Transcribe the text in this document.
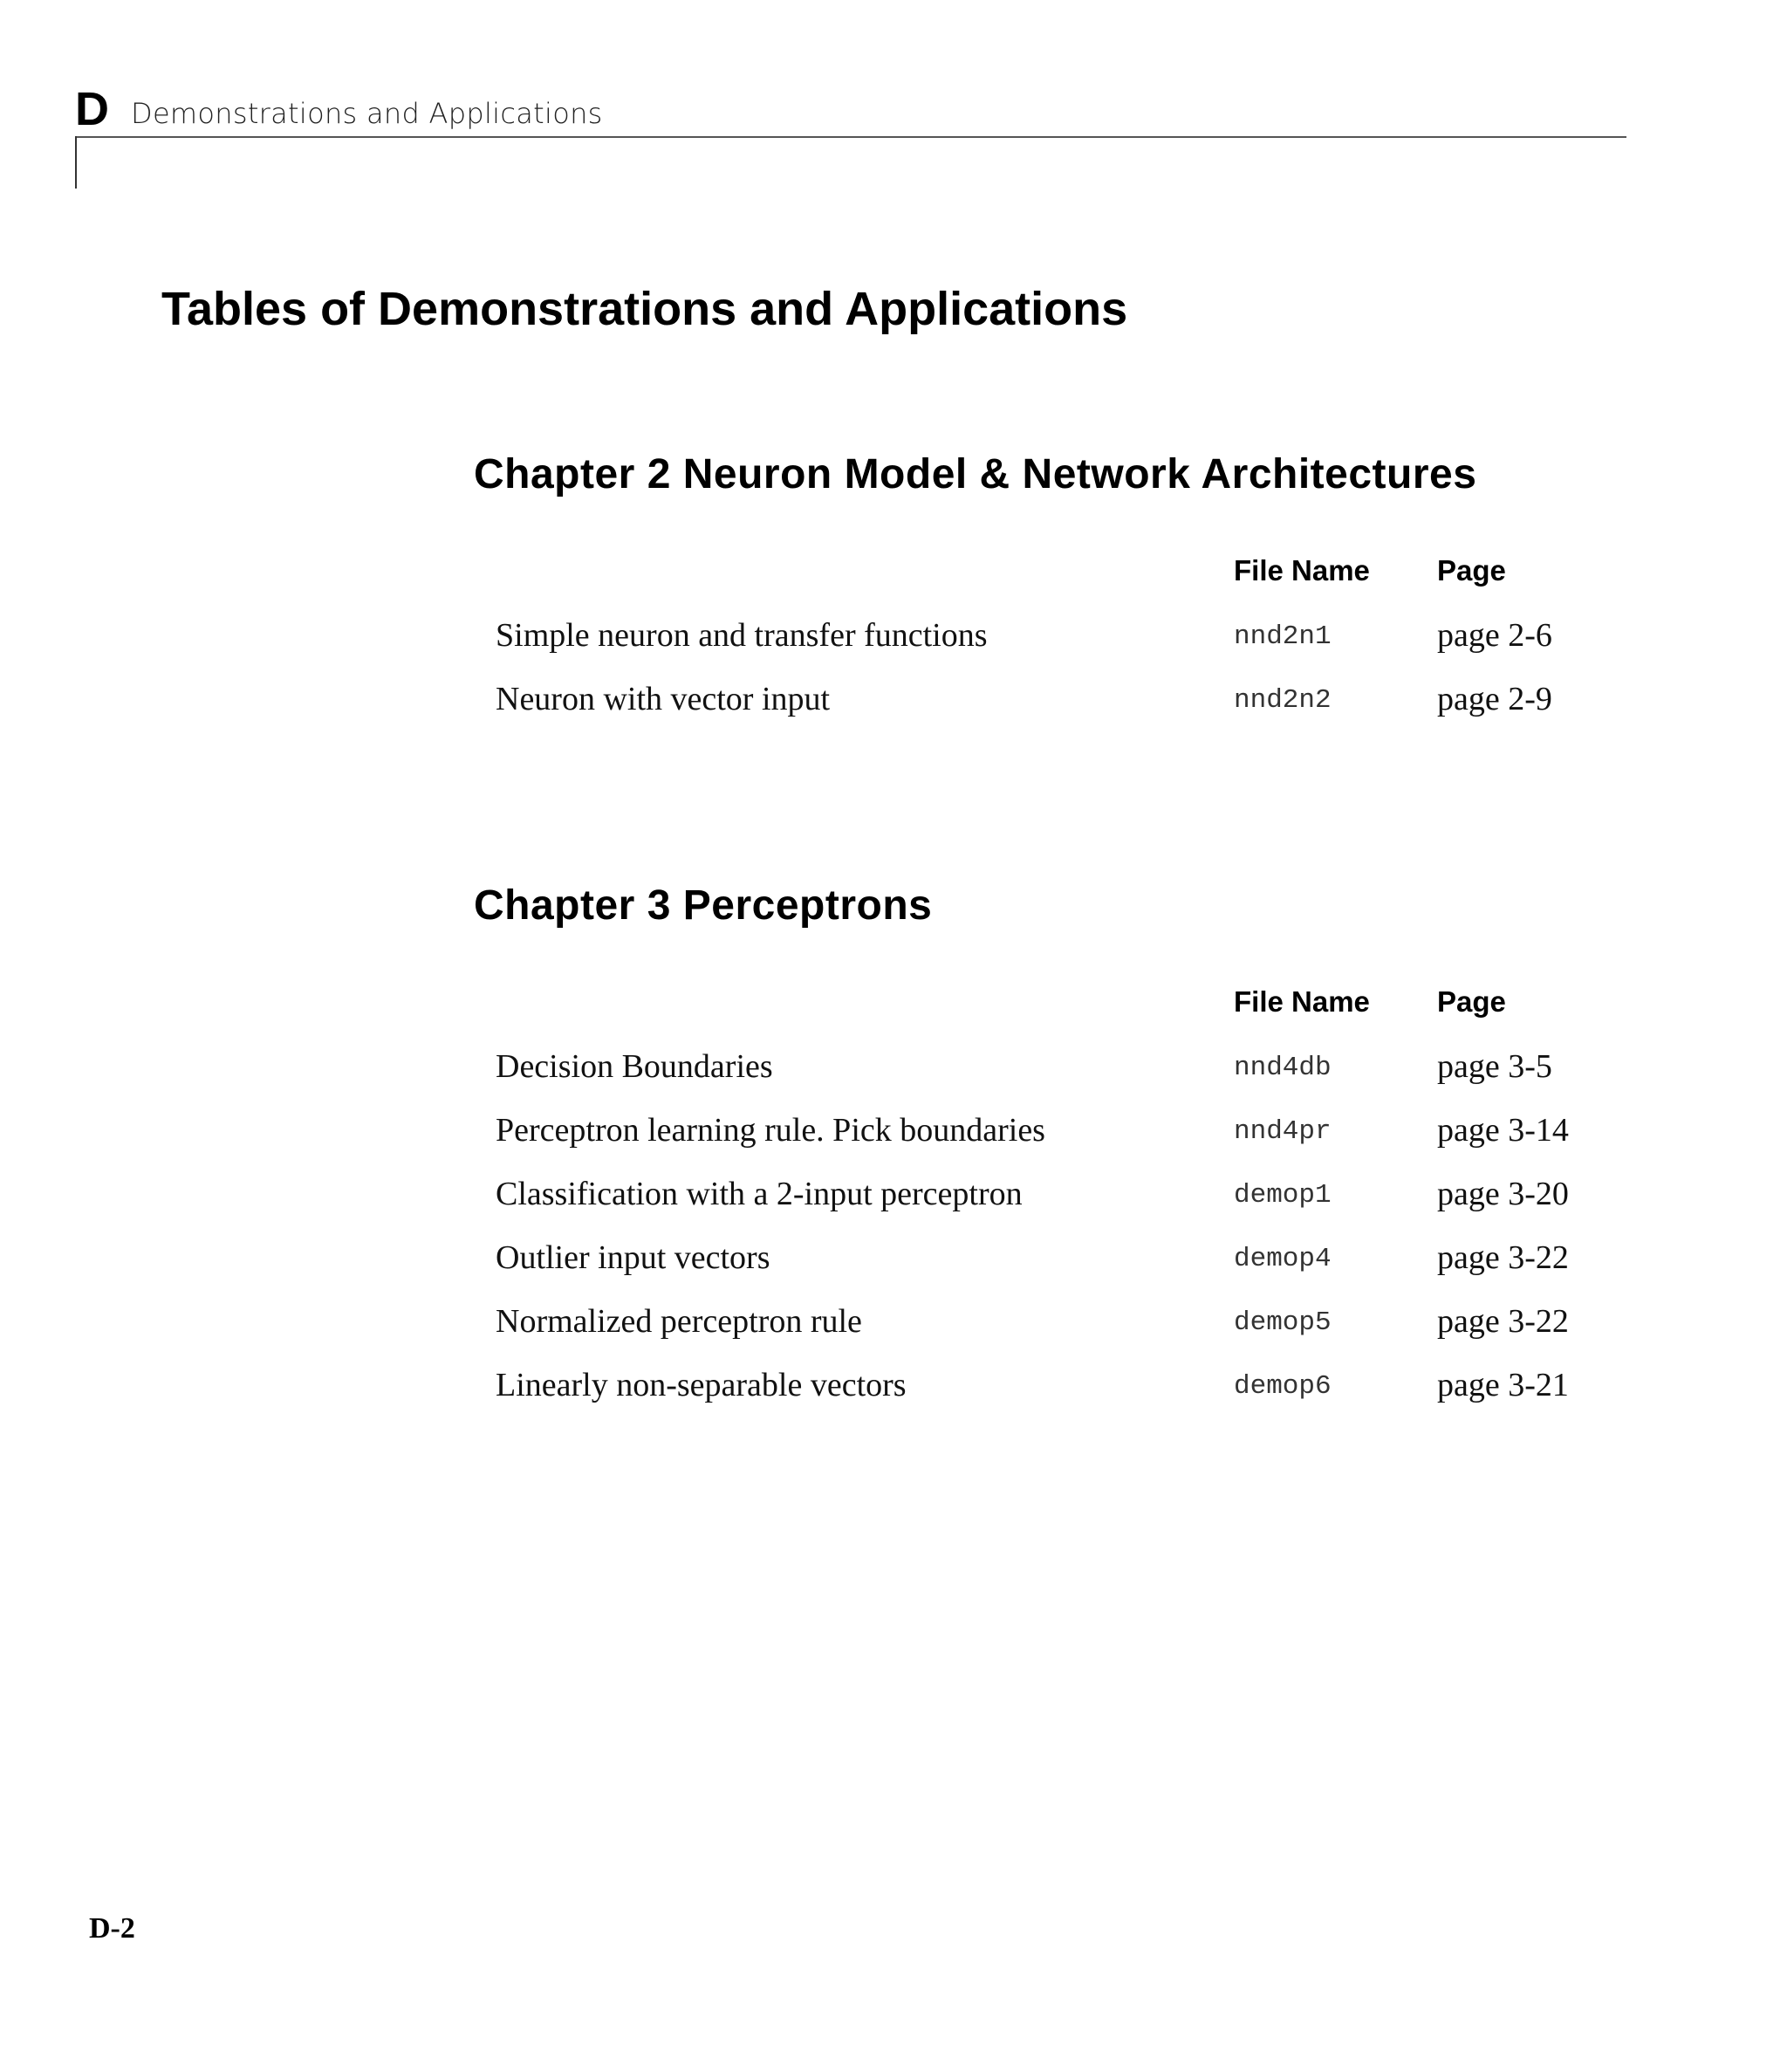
D Demonstrations and Applications
Tables of Demonstrations and Applications
Chapter 2 Neuron Model & Network Architectures
File Name Page
Simple neuron and transfer functions	nnd2n1	page 2-6
Neuron with vector input	nnd2n2	page 2-9
Chapter 3 Perceptrons
File Name Page
Decision Boundaries	nnd4db	page 3-5
Perceptron learning rule. Pick boundaries	nnd4pr	page 3-14
Classification with a 2-input perceptron	demop1	page 3-20
Outlier input vectors	demop4	page 3-22
Normalized perceptron rule	demop5	page 3-22
Linearly non-separable vectors	demop6	page 3-21
D-2
